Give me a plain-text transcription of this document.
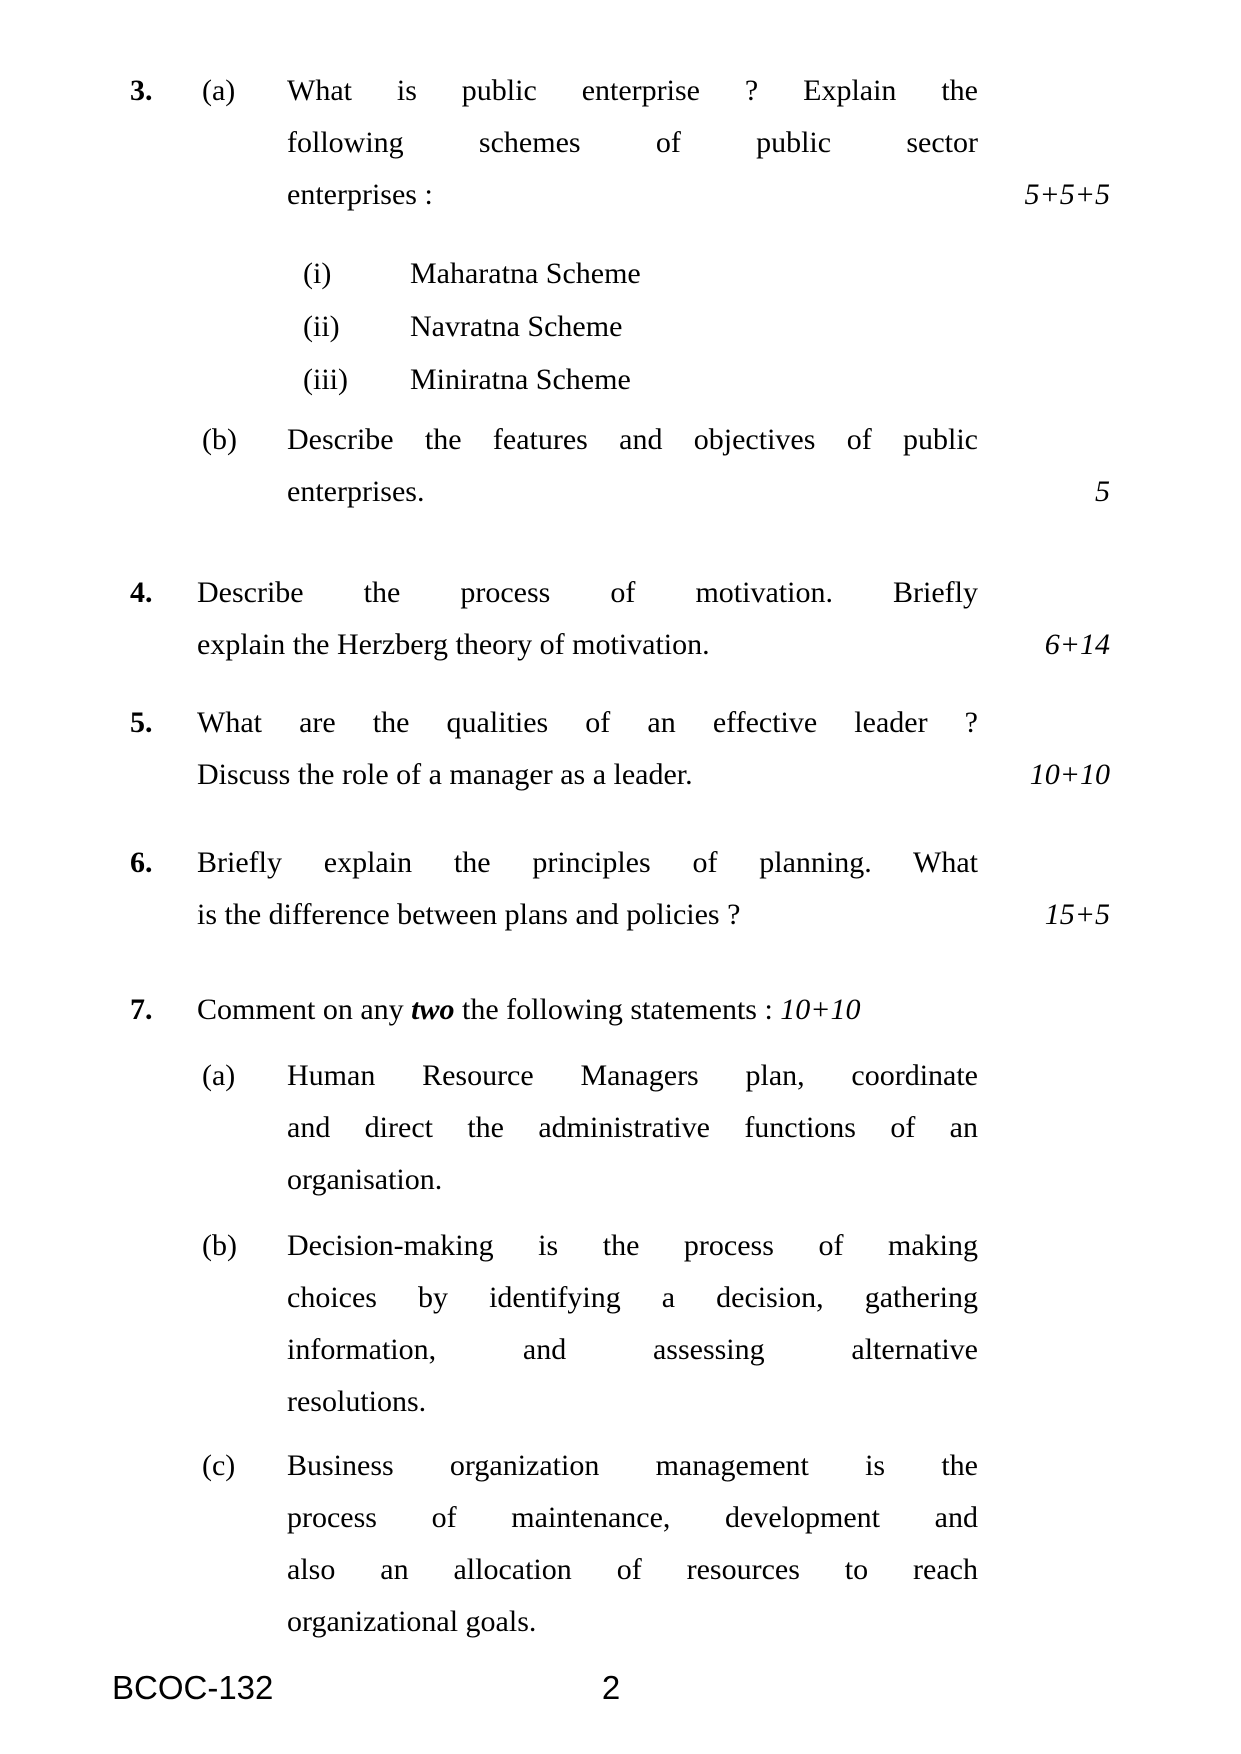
3.	(a)	What is public enterprise ? Explain the
following schemes of public sector
enterprises :	5+5+5
(i)	Maharatna Scheme
(ii)	Navratna Scheme
(iii)	Miniratna Scheme
(b)	Describe the features and objectives of public
enterprises.	5
4.	Describe the process of motivation. Briefly
explain the Herzberg theory of motivation.	6+14
5.	What are the qualities of an effective leader ?
Discuss the role of a manager as a leader.	10+10
6.	Briefly explain the principles of planning. What
is the difference between plans and policies ?	15+5
7.	Comment on any two the following statements : 10+10
(a)	Human Resource Managers plan, coordinate
and direct the administrative functions of an
organisation.
(b)	Decision-making is the process of making
choices by identifying a decision, gathering
information, and assessing alternative
resolutions.
(c)	Business organization management is the
process of maintenance, development and
also an allocation of resources to reach
organizational goals.
BCOC-132	2
